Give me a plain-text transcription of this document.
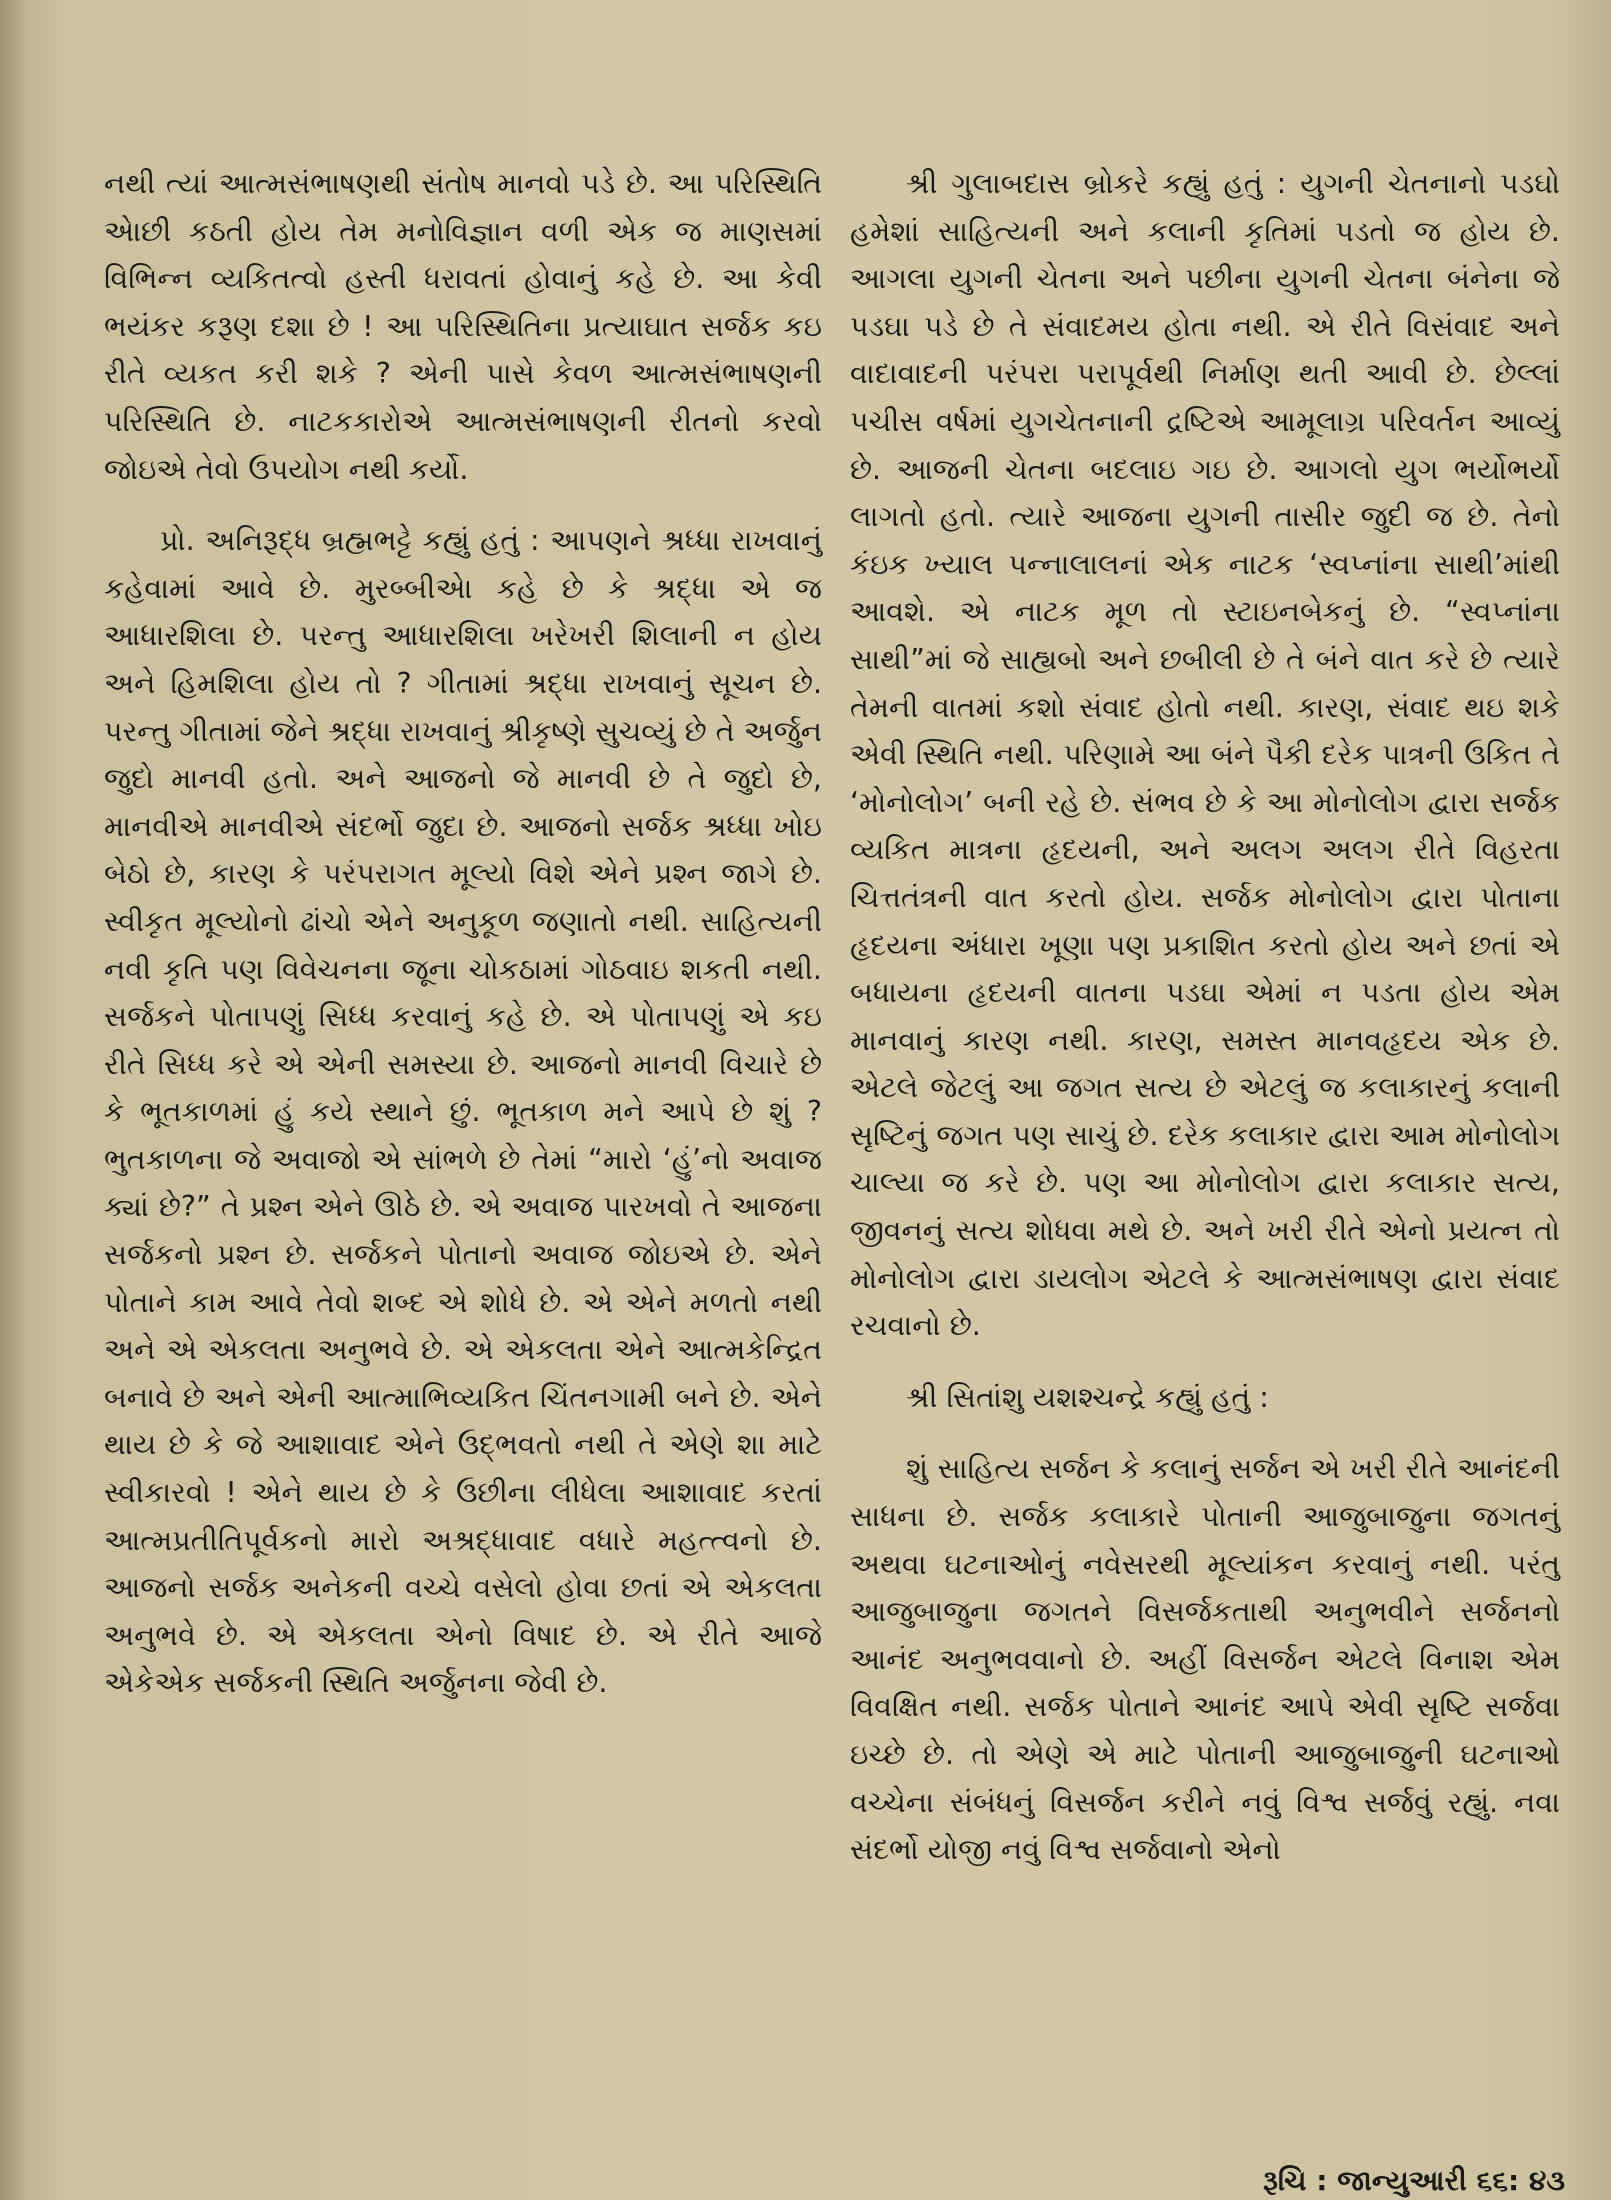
નથી ત્યાં આત્મસંભાષણથી સંતોષ માનવો પડે છે. આ પરિસ્થિતિ એાછી કઠતી હોય તેમ મનોવિજ્ઞાન વળી એક જ માણસમાં વિભિન્ન વ્યકિતત્વો હસ્તી ધરાવતાં હોવાનું કહે છે. આ કેવી ભયંકર કરૂણ દશા છે ! આ પરિસ્થિતિના પ્રત્યાઘાત સર્જક કઇ રીતે વ્યકત કરી શકે ? એની પાસે કેવળ આત્મસંભાષણની પરિસ્થિતિ છે. નાટકકારોએ આત્મસંભાષણની રીતનો કરવો જોઇએ તેવો ઉપયોગ નથી કર્યો.

પ્રો. અનિરૂદ્ધ બ્રહ્મભટ્ટે કહ્યું હતું : આપણને શ્રધ્ધા રાખવાનું કહેવામાં આવે છે. મુરબ્બીએા કહે છે કે શ્રદ્ધા એ જ આધારશિલા છે. પરન્તુ આધારશિલા ખરેખરી શિલાની ન હોય અને હિમશિલા હોય તો ? ગીતામાં શ્રદ્ધા રાખવાનું સૂચન છે. પરન્તુ ગીતામાં જેને શ્રદ્ધા રાખવાનું શ્રીકૃષ્ણે સુચવ્યું છે તે અર્જુન જુદો માનવી હતો. અને આજનો જે માનવી છે તે જુદો છે, માનવીએ માનવીએ સંદર્ભો જુદા છે. આજનો સર્જક શ્રધ્ધા ખોઇ બેઠો છે, કારણ કે પરંપરાગત મૂલ્યો વિશે એને પ્રશ્ન જાગે છે. સ્વીકૃત મૂલ્યોનો ઢાંચો એને અનુકૂળ જણાતો નથી. સાહિત્યની નવી કૃતિ પણ વિવેચનના જૂના ચોકઠામાં ગોઠવાઇ શકતી નથી. સર્જકને પોતાપણું સિધ્ધ કરવાનું કહે છે. એ પોતાપણું એ કઇ રીતે સિધ્ધ કરે એ એની સમસ્યા છે. આજનો માનવી વિચારે છે કે ભૂતકાળમાં હું કયે સ્થાને છું. ભૂતકાળ મને આપે છે શું ? ભુતકાળના જે અવાજો એ સાંભળે છે તેમાં “મારો ‘હું’નો અવાજ ક્યાં છે?” તે પ્રશ્ન એને ઊઠે છે. એ અવાજ પારખવો તે આજના સર્જકનો પ્રશ્ન છે. સર્જકને પોતાનો અવાજ જોઇએ છે. એને પોતાને કામ આવે તેવો શબ્દ એ શોધે છે. એ એને મળતો નથી અને એ એકલતા અનુભવે છે. એ એકલતા એને આત્મકેન્દ્રિત બનાવે છે અને એની આત્માભિવ્યકિત ચિંતનગામી બને છે. એને થાય છે કે જે આશાવાદ એને ઉદ્ભવતો નથી તે એણે શા માટે સ્વીકારવો ! એને થાય છે કે ઉછીના લીધેલા આશાવાદ કરતાં આત્મપ્રતીતિપૂર્વકનો મારો અશ્રદ્ધાવાદ વધારે મહત્ત્વનો છે. આજનો સર્જક અનેકની વચ્ચે વસેલો હોવા છતાં એ એકલતા અનુભવે છે. એ એકલતા એનો વિષાદ છે. એ રીતે આજે એકેએક સર્જકની સ્થિતિ અર્જુનના જેવી છે.

શ્રી ગુલાબદાસ બ્રોકરે કહ્યું હતું : યુગની ચેતનાનો પડઘો હમેશાં સાહિત્યની અને કલાની કૃતિમાં પડતો જ હોય છે. આગલા યુગની ચેતના અને પછીના યુગની ચેતના બંનેના જે પડઘા પડે છે તે સંવાદમય હોતા નથી. એ રીતે વિસંવાદ અને વાદાવાદની પરંપરા પરાપૂર્વથી નિર્માણ થતી આવી છે. છેલ્લાં પચીસ વર્ષમાં યુગચેતનાની દ્રષ્ટિએ આમૂલાગ્ર પરિવર્તન આવ્યું છે. આજની ચેતના બદલાઇ ગઇ છે. આગલો યુગ ભર્યોભર્યો લાગતો હતો. ત્યારે આજના યુગની તાસીર જુદી જ છે. તેનો કંઇક ખ્યાલ પન્નાલાલનાં એક નાટક ‘સ્વપ્નાંના સાથી’માંથી આવશે. એ નાટક મૂળ તો સ્ટાઇનબેકનું છે. “સ્વપ્નાંના સાથી”માં જે સાહ્યબો અને છબીલી છે તે બંને વાત કરે છે ત્યારે તેમની વાતમાં કશો સંવાદ હોતો નથી. કારણ, સંવાદ થઇ શકે એવી સ્થિતિ નથી. પરિણામે આ બંને પૈકી દરેક પાત્રની ઉકિત તે ‘મોનોલોગ’ બની રહે છે. સંભવ છે કે આ મોનોલોગ દ્વારા સર્જક વ્યકિત માત્રના હૃદયની, અને અલગ અલગ રીતે વિહરતા ચિત્તતંત્રની વાત કરતો હોય. સર્જક મોનોલોગ દ્વારા પોતાના હૃદયના અંધારા ખૂણા પણ પ્રકાશિત કરતો હોય અને છતાં એ બધાયના હૃદયની વાતના પડઘા એમાં ન પડતા હોય એમ માનવાનું કારણ નથી. કારણ, સમસ્ત માનવહૃદય એક છે. એટલે જેટલું આ જગત સત્ય છે એટલું જ કલાકારનું કલાની સૃષ્ટિનું જગત પણ સાચું છે. દરેક કલાકાર દ્વારા આમ મોનોલોગ ચાલ્યા જ કરે છે. પણ આ મોનોલોગ દ્વારા કલાકાર સત્ય, જીવનનું સત્ય શોધવા મથે છે. અને ખરી રીતે એનો પ્રયત્ન તો મોનોલોગ દ્વારા ડાયલોગ એટલે કે આત્મસંભાષણ દ્વારા સંવાદ રચવાનો છે.

શ્રી સિતાંશુ યશશ્ચન્દ્રે કહ્યું હતું :

શું સાહિત્ય સર્જન કે કલાનું સર્જન એ ખરી રીતે આનંદની સાધના છે. સર્જક કલાકારે પોતાની આજુબાજુના જગતનું અથવા ઘટનાઓનું નવેસરથી મૂલ્યાંકન કરવાનું નથી. પરંતુ આજુબાજુના જગતને વિસર્જકતાથી અનુભવીને સર્જનનો આનંદ અનુભવવાનો છે. અહીં વિસર્જન એટલે વિનાશ એમ વિવક્ષિત નથી. સર્જક પોતાને આનંદ આપે એવી સૃષ્ટિ સર્જવા ઇચ્છે છે. તો એણે એ માટે પોતાની આજુબાજુની ઘટનાઓ વચ્ચેના સંબંધનું વિસર્જન કરીને નવું વિશ્વ સર્જવું રહ્યું. નવા સંદર્ભો યોજી નવું વિશ્વ સર્જવાનો એનો

રૂચિ : જાન્યુઆરી ૬૬: ૪૩
